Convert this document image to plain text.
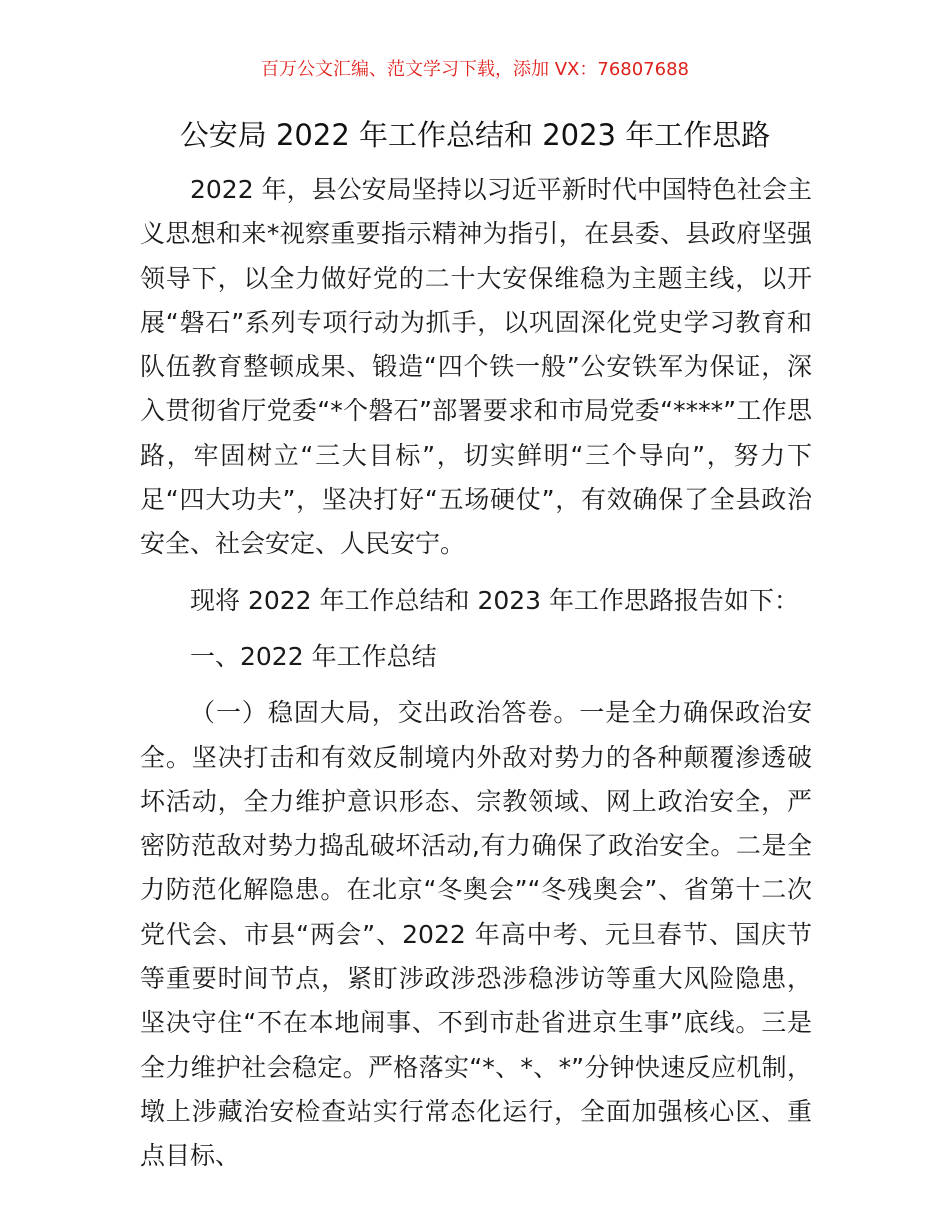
百万公文汇编、范文学习下载，添加 VX：76807688
公安局 2022 年工作总结和 2023 年工作思路

2022 年，县公安局坚持以习近平新时代中国特色社会主义思想和来*视察重要指示精神为指引，在县委、县政府坚强领导下，以全力做好党的二十大安保维稳为主题主线，以开展“磐石”系列专项行动为抓手，以巩固深化党史学习教育和队伍教育整顿成果、锻造“四个铁一般”公安铁军为保证，深入贯彻省厅党委“*个磐石”部署要求和市局党委“****”工作思路，牢固树立“三大目标”，切实鲜明“三个导向”，努力下足“四大功夫”，坚决打好“五场硬仗”，有效确保了全县政治安全、社会安定、人民安宁。

现将 2022 年工作总结和 2023 年工作思路报告如下：

一、2022 年工作总结

（一）稳固大局，交出政治答卷。一是全力确保政治安全。坚决打击和有效反制境内外敌对势力的各种颠覆渗透破坏活动，全力维护意识形态、宗教领域、网上政治安全，严密防范敌对势力捣乱破坏活动,有力确保了政治安全。二是全力防范化解隐患。在北京“冬奥会”“冬残奥会”、省第十二次党代会、市县“两会”、2022 年高中考、元旦春节、国庆节等重要时间节点，紧盯涉政涉恐涉稳涉访等重大风险隐患，坚决守住“不在本地闹事、不到市赴省进京生事”底线。三是全力维护社会稳定。严格落实“*、*、*”分钟快速反应机制，墩上涉藏治安检查站实行常态化运行，全面加强核心区、重点目标、
